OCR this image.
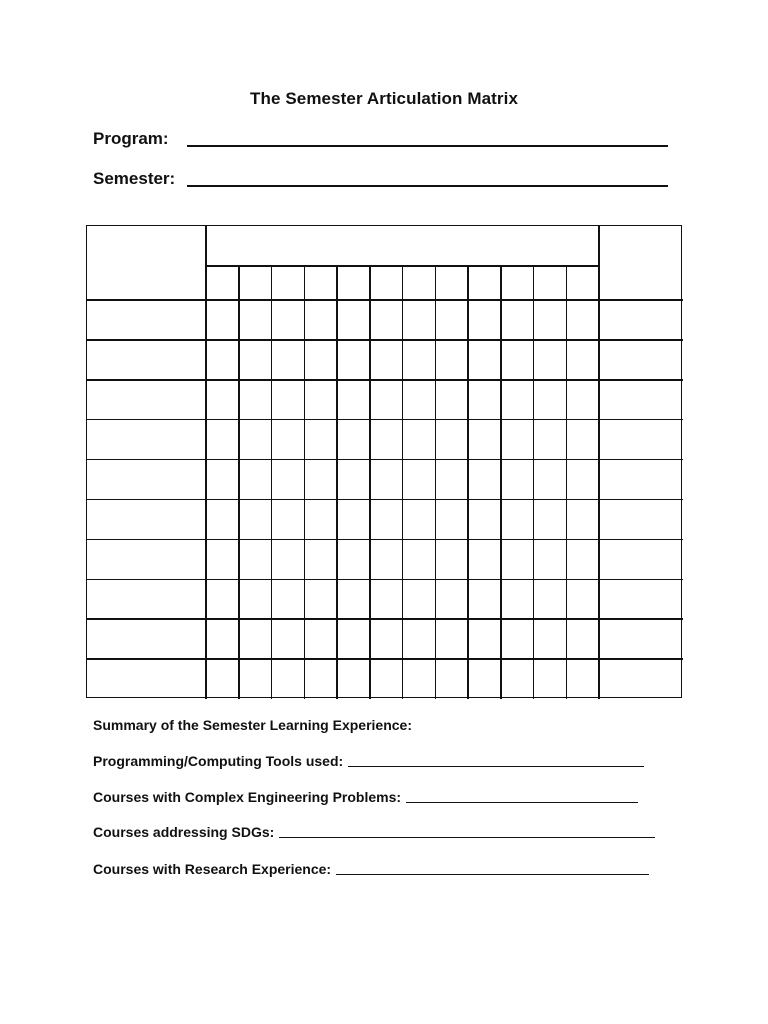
The Semester Articulation Matrix
Program:
Semester:
Summary of the Semester Learning Experience:
Programming/Computing Tools used:
Courses with Complex Engineering Problems:
Courses addressing SDGs:
Courses with Research Experience:
